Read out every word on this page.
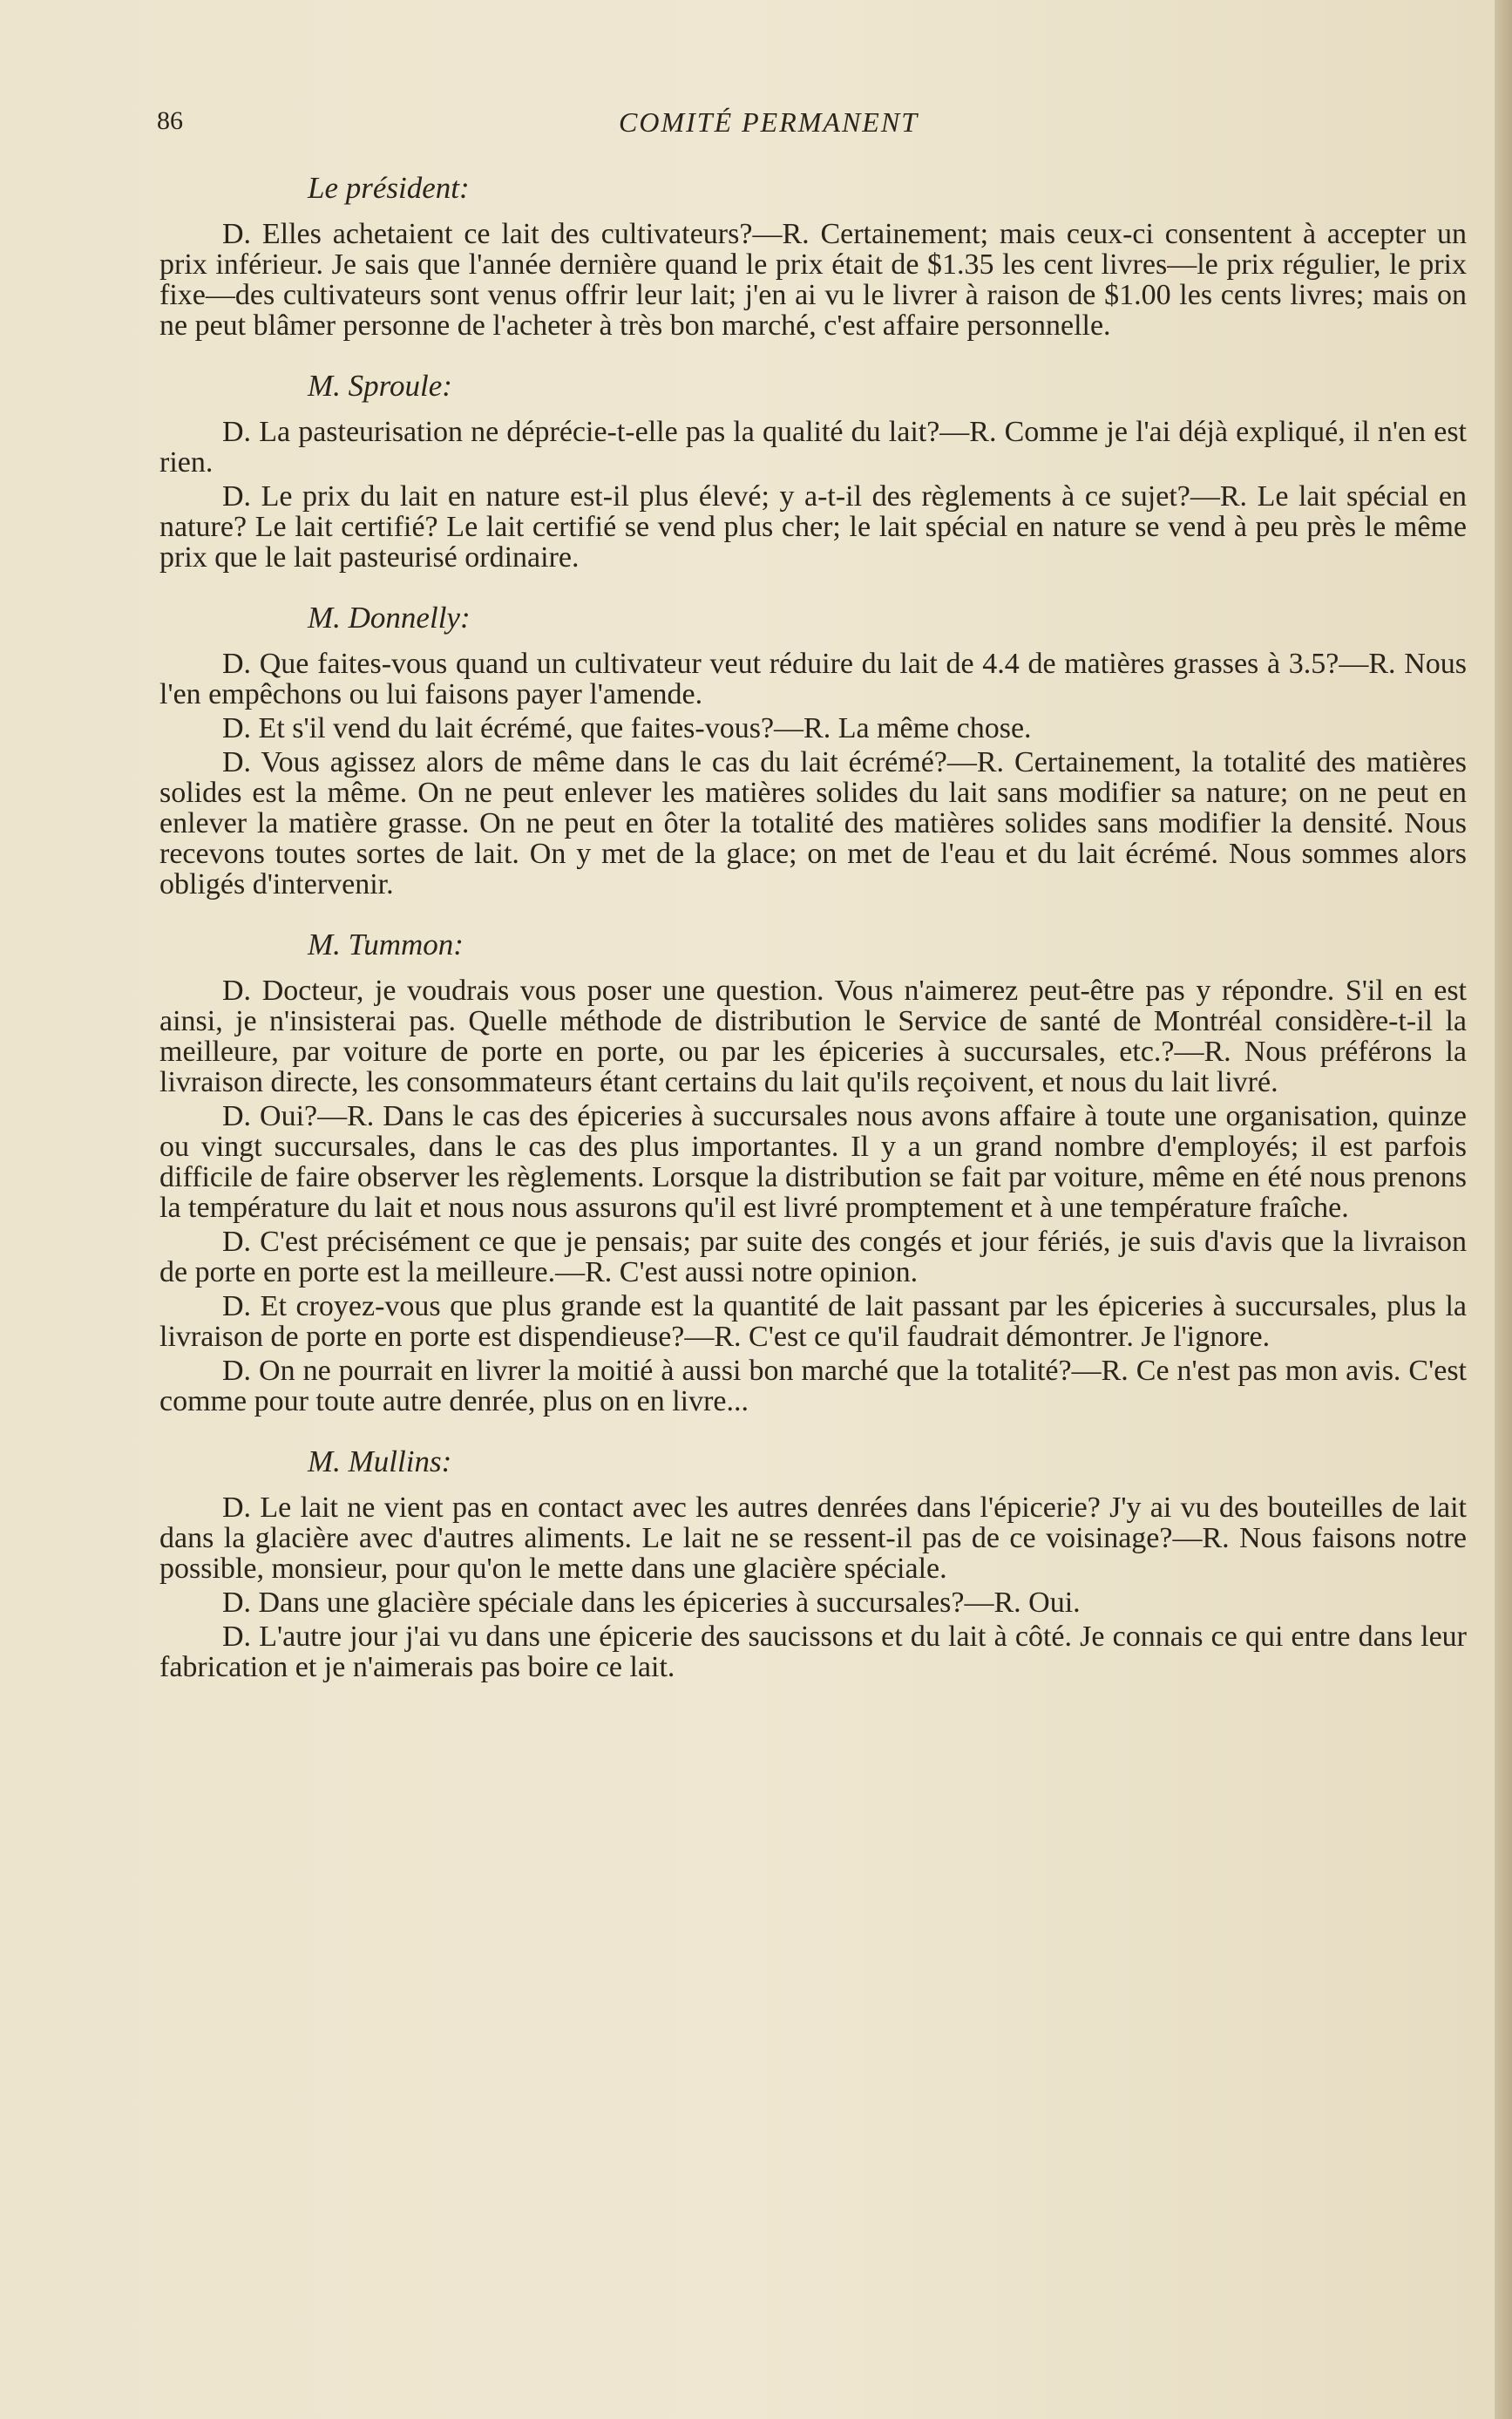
86	COMITÉ PERMANENT
Le président:

D. Elles achetaient ce lait des cultivateurs?—R. Certainement; mais ceux-ci consentent à accepter un prix inférieur. Je sais que l'année dernière quand le prix était de $1.35 les cent livres—le prix régulier, le prix fixe—des cultivateurs sont venus offrir leur lait; j'en ai vu le livrer à raison de $1.00 les cents livres; mais on ne peut blâmer personne de l'acheter à très bon marché, c'est affaire personnelle.

M. Sproule:

D. La pasteurisation ne déprécie-t-elle pas la qualité du lait?—R. Comme je l'ai déjà expliqué, il n'en est rien.

D. Le prix du lait en nature est-il plus élevé; y a-t-il des règlements à ce sujet?—R. Le lait spécial en nature? Le lait certifié? Le lait certifié se vend plus cher; le lait spécial en nature se vend à peu près le même prix que le lait pasteurisé ordinaire.

M. Donnelly:

D. Que faites-vous quand un cultivateur veut réduire du lait de 4.4 de matières grasses à 3.5?—R. Nous l'en empêchons ou lui faisons payer l'amende.

D. Et s'il vend du lait écrémé, que faites-vous?—R. La même chose.

D. Vous agissez alors de même dans le cas du lait écrémé?—R. Certainement, la totalité des matières solides est la même. On ne peut enlever les matières solides du lait sans modifier sa nature; on ne peut en enlever la matière grasse. On ne peut en ôter la totalité des matières solides sans modifier la densité. Nous recevons toutes sortes de lait. On y met de la glace; on met de l'eau et du lait écrémé. Nous sommes alors obligés d'intervenir.

M. Tummon:

D. Docteur, je voudrais vous poser une question. Vous n'aimerez peut-être pas y répondre. S'il en est ainsi, je n'insisterai pas. Quelle méthode de distribution le Service de santé de Montréal considère-t-il la meilleure, par voiture de porte en porte, ou par les épiceries à succursales, etc.?—R. Nous préférons la livraison directe, les consommateurs étant certains du lait qu'ils reçoivent, et nous du lait livré.

D. Oui?—R. Dans le cas des épiceries à succursales nous avons affaire à toute une organisation, quinze ou vingt succursales, dans le cas des plus importantes. Il y a un grand nombre d'employés; il est parfois difficile de faire observer les règlements. Lorsque la distribution se fait par voiture, même en été nous prenons la température du lait et nous nous assurons qu'il est livré promptement et à une température fraîche.

D. C'est précisément ce que je pensais; par suite des congés et jour fériés, je suis d'avis que la livraison de porte en porte est la meilleure.—R. C'est aussi notre opinion.

D. Et croyez-vous que plus grande est la quantité de lait passant par les épiceries à succursales, plus la livraison de porte en porte est dispendieuse?—R. C'est ce qu'il faudrait démontrer. Je l'ignore.

D. On ne pourrait en livrer la moitié à aussi bon marché que la totalité?—R. Ce n'est pas mon avis. C'est comme pour toute autre denrée, plus on en livre...

M. Mullins:

D. Le lait ne vient pas en contact avec les autres denrées dans l'épicerie? J'y ai vu des bouteilles de lait dans la glacière avec d'autres aliments. Le lait ne se ressent-il pas de ce voisinage?—R. Nous faisons notre possible, monsieur, pour qu'on le mette dans une glacière spéciale.

D. Dans une glacière spéciale dans les épiceries à succursales?—R. Oui.

D. L'autre jour j'ai vu dans une épicerie des saucissons et du lait à côté. Je connais ce qui entre dans leur fabrication et je n'aimerais pas boire ce lait.
